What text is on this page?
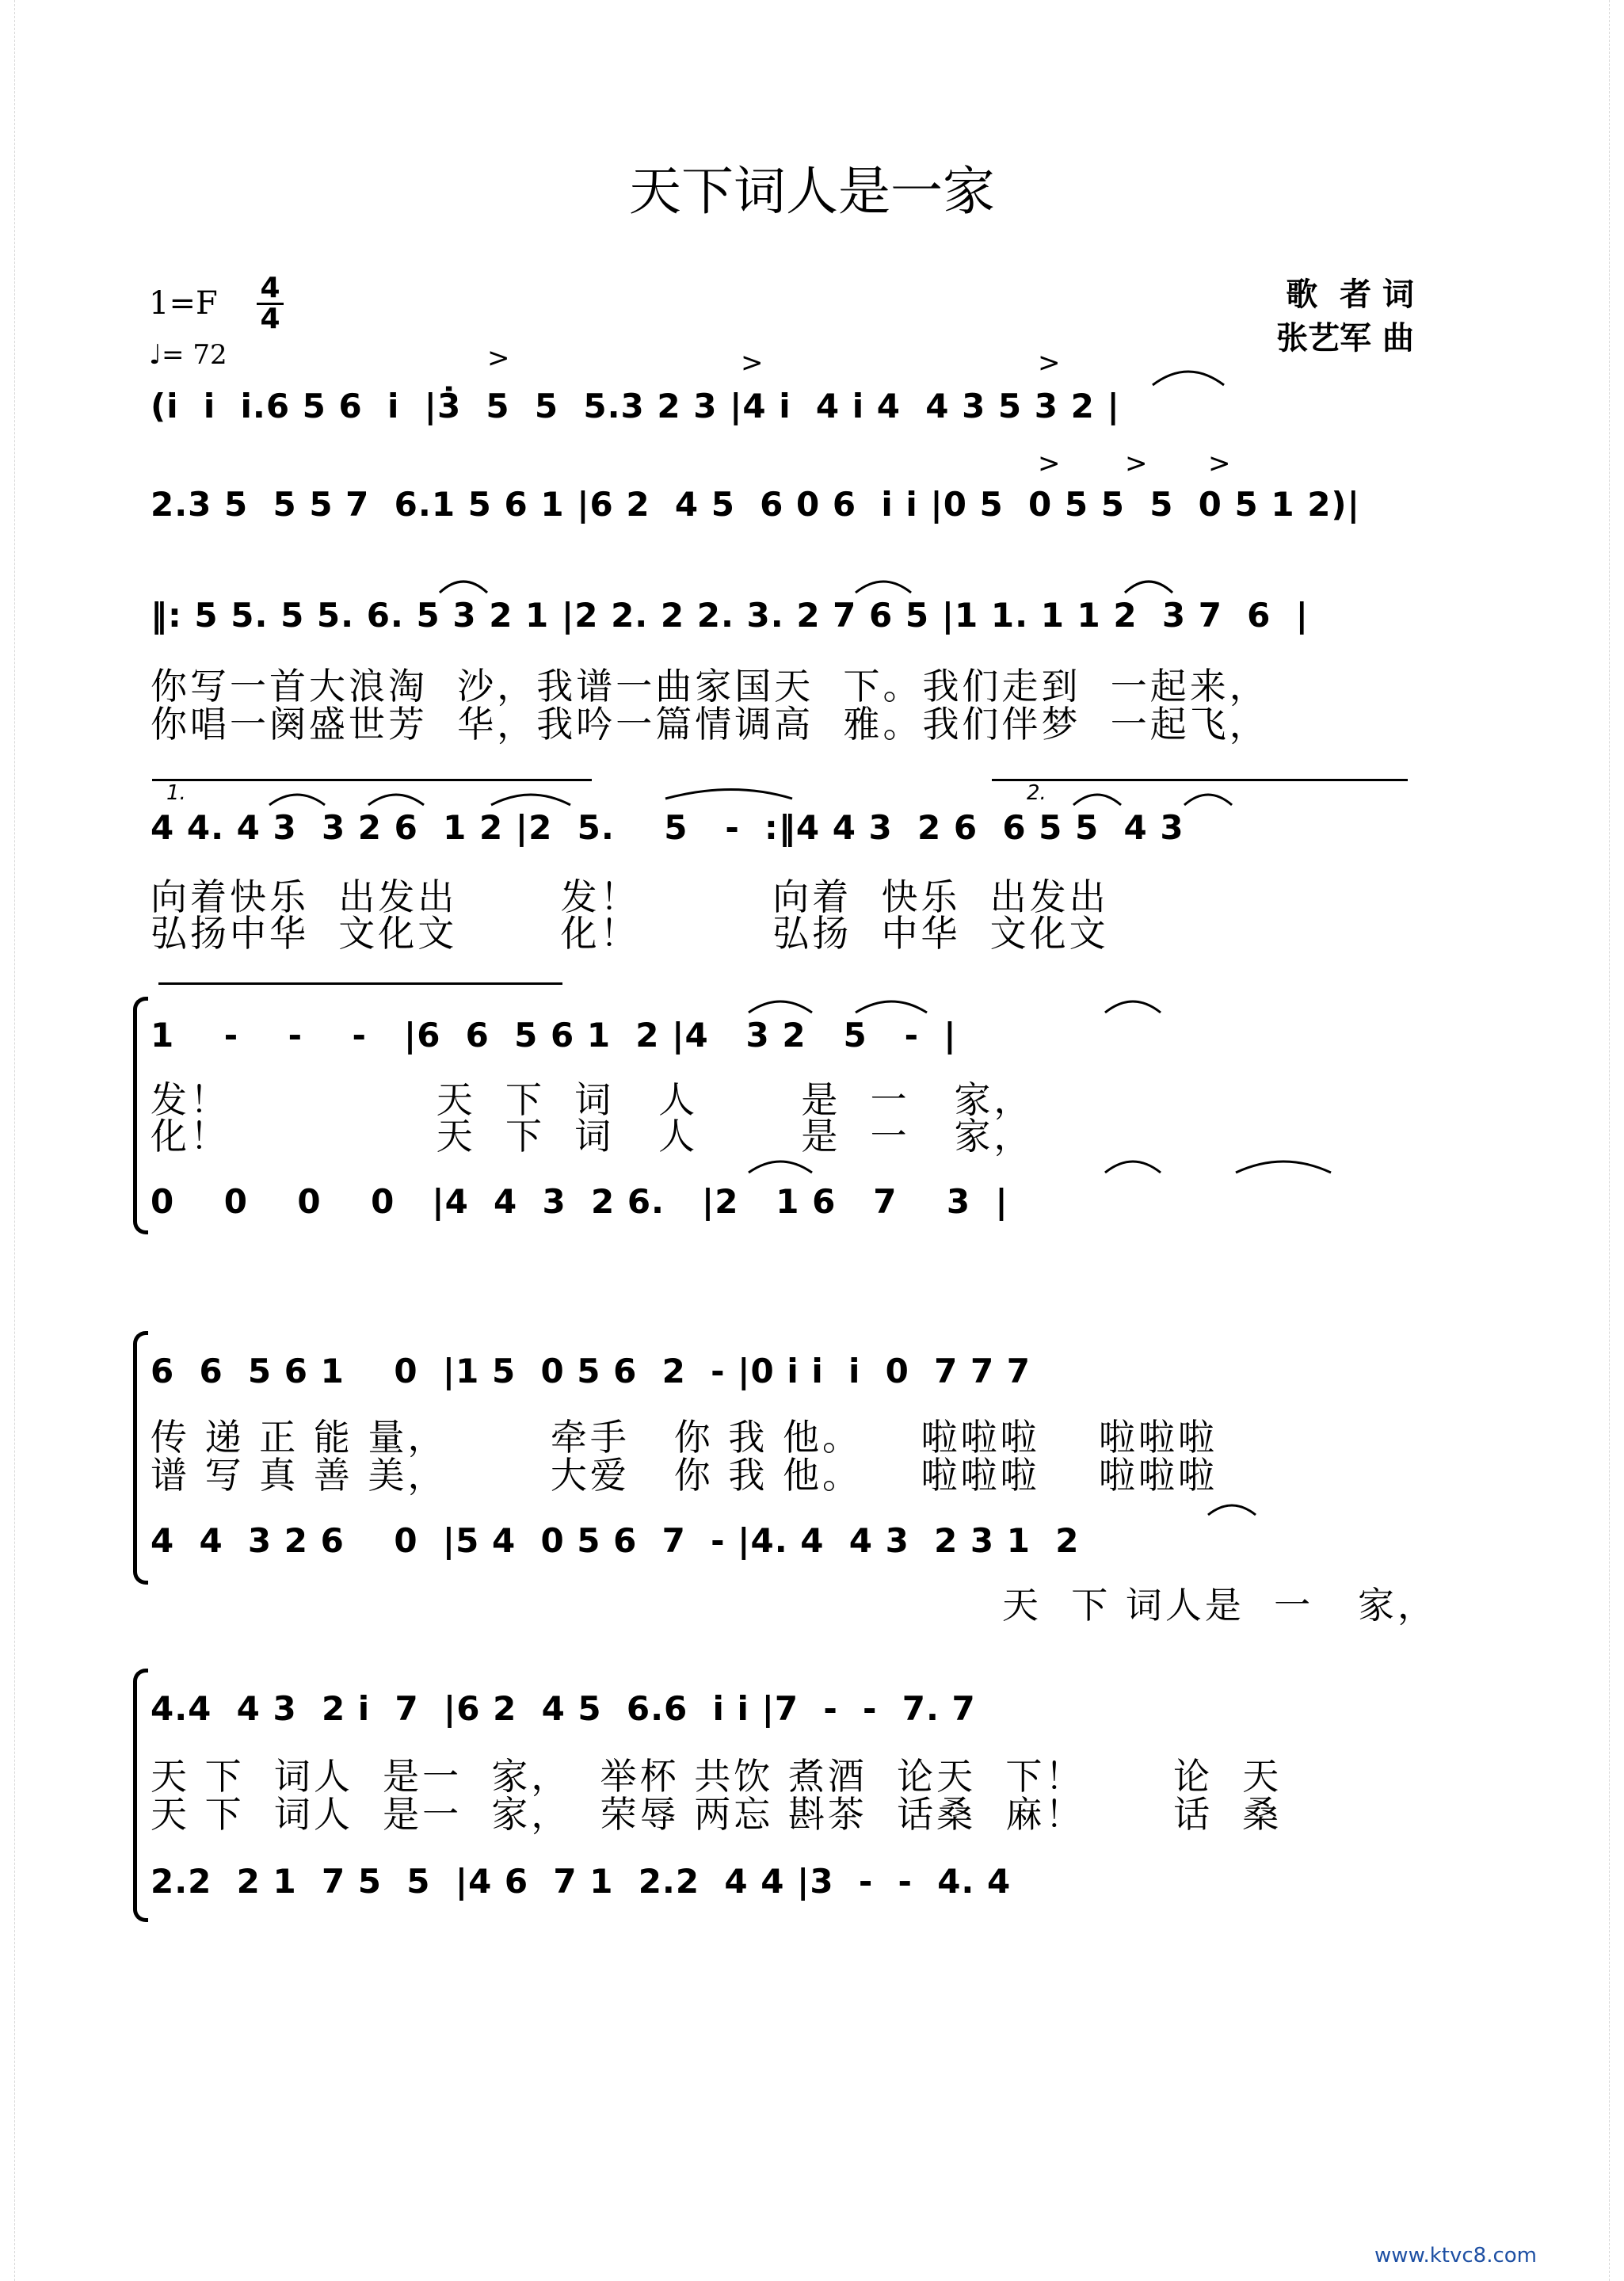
天下词人是一家
1=F 4
4
♩= 72
歌  者 词
张艺军 曲
>	>	>
(i̇  i̇  i̇.6 5 6  i̇  |3̇  5  5  5.3 2 3 |4 i̇  4 i̇ 4  4 3 5 3 2 |
> > >
2.3 5  5 5 7  6.1 5 6 1 |6 2  4 5  6 0 6  i̇ i̇ |0 5  0 5 5  5  0 5 1 2)|
‖: 5 5. 5 5. 6. 5 3 2 1 |2 2. 2 2. 3. 2 7 6 5 |1 1. 1 1 2  3 7  6  |
你写一首大浪淘  沙，我谱一曲家国天  下。我们走到  一起来，
你唱一阕盛世芳  华，我吟一篇情调高  雅。我们伴梦  一起飞，
1.	2.
4 4. 4 3  3 2 6  1 2 |2  5.    5   -  :‖4 4 3  2 6  6 5 5  4 3
向着快乐  出发出       发！         向着  快乐  出发出
弘扬中华  文化文       化！         弘扬  中华  文化文
1    -    -    -   |6  6  5 6 1  2 |4   3 2   5   -  |
发！              天  下  词   人       是  一   家，
化！              天  下  词   人       是  一   家，
0    0    0    0   |4  4  3  2 6.   |2   1 6   7    3  |
6  6  5 6 1    0  |1 5  0 5 6  2  - |0 i̇ i̇  i̇  0  7 7 7
传 递 正 能 量，       牵手   你 我 他。    啦啦啦    啦啦啦
谱 写 真 善 美，       大爱   你 我 他。    啦啦啦    啦啦啦
4  4  3 2 6    0  |5 4  0 5 6  7  - |4. 4  4 3  2 3 1  2
天  下 词人是  一   家，
4.4  4 3  2 i̇  7  |6 2  4 5  6.6  i̇ i̇ |7  -  -  7. 7
天 下  词人  是一  家，  举杯 共饮 煮酒  论天  下！      论  天
天 下  词人  是一  家，  荣辱 两忘 斟茶  话桑  麻！      话  桑
2.2  2 1  7 5  5  |4 6  7 1  2.2  4 4 |3  -  -  4. 4
www.ktvc8.com
